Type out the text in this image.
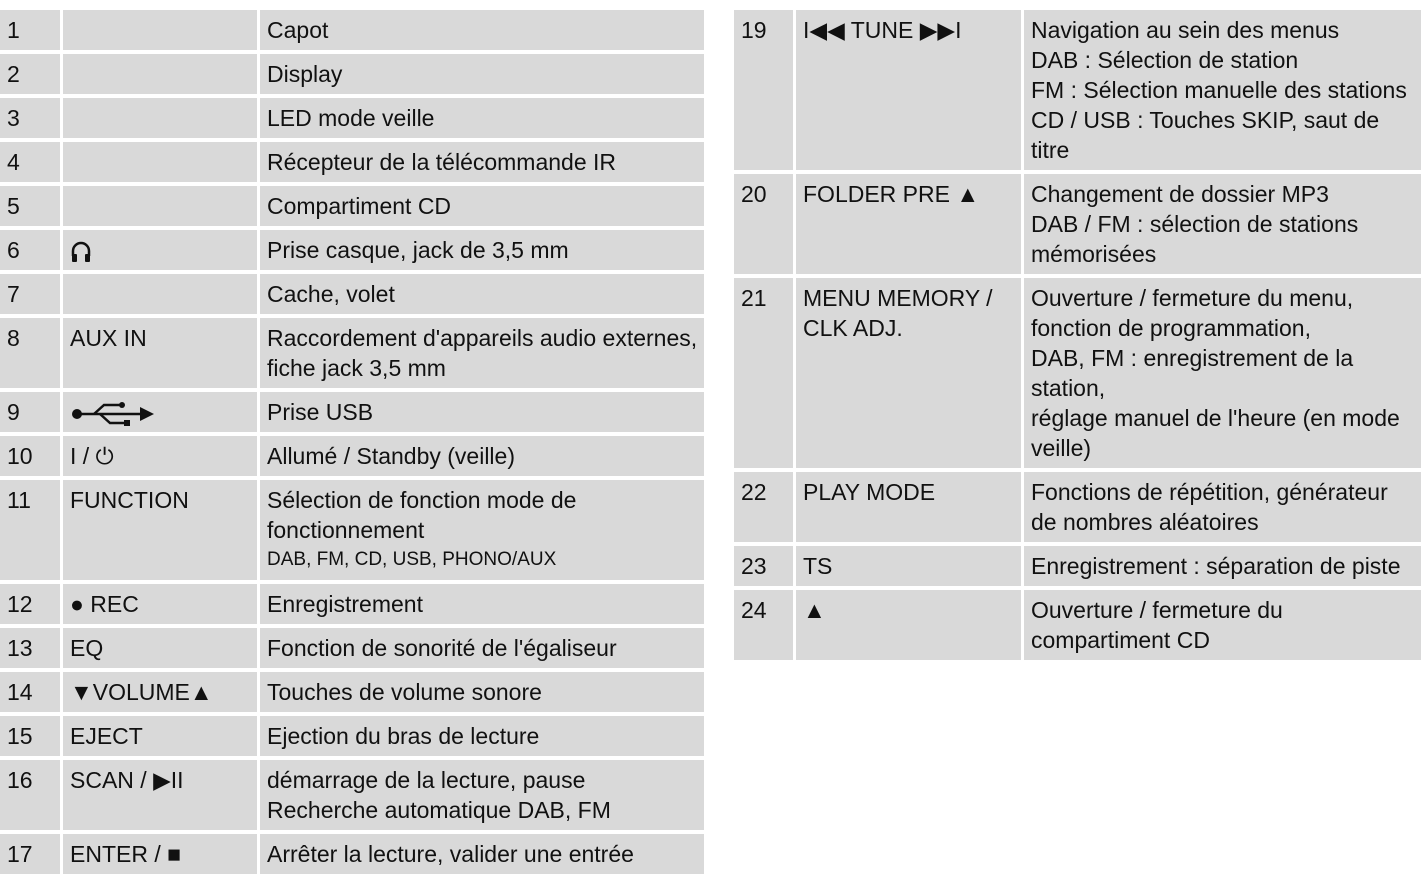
1		Capot

2		Display

3		LED mode veille

4		Récepteur de la télécommande IR

5		Compartiment CD

6		Prise casque, jack de 3,5 mm

7		Cache, volet

8	AUX IN	Raccordement d'appareils audio externes, fiche jack 3,5 mm

9		Prise USB

10	I / ⏻	Allumé / Standby (veille)

11	FUNCTION	Sélection de fonction mode de fonctionnement
DAB, FM, CD, USB, PHONO/AUX

12	● REC	Enregistrement

13	EQ	Fonction de sonorité de l'égaliseur

14	▼VOLUME▲	Touches de volume sonore

15	EJECT	Ejection du bras de lecture

16	SCAN / ▶II	démarrage de la lecture, pause
Recherche automatique DAB, FM

17	ENTER / ■	Arrêter la lecture, valider une entrée
19	I◀◀ TUNE ▶▶I	Navigation au sein des menus
DAB : Sélection de station
FM : Sélection manuelle des stations
CD / USB : Touches SKIP, saut de titre

20	FOLDER PRE ▲	Changement de dossier MP3
DAB / FM : sélection de stations mémorisées

21	MENU MEMORY / CLK ADJ.	Ouverture / fermeture du menu, fonction de programmation,
DAB, FM : enregistrement de la station,
réglage manuel de l'heure (en mode veille)

22	PLAY MODE	Fonctions de répétition, générateur de nombres aléatoires

23	TS	Enregistrement : séparation de piste

24	▲	Ouverture / fermeture du compartiment CD
